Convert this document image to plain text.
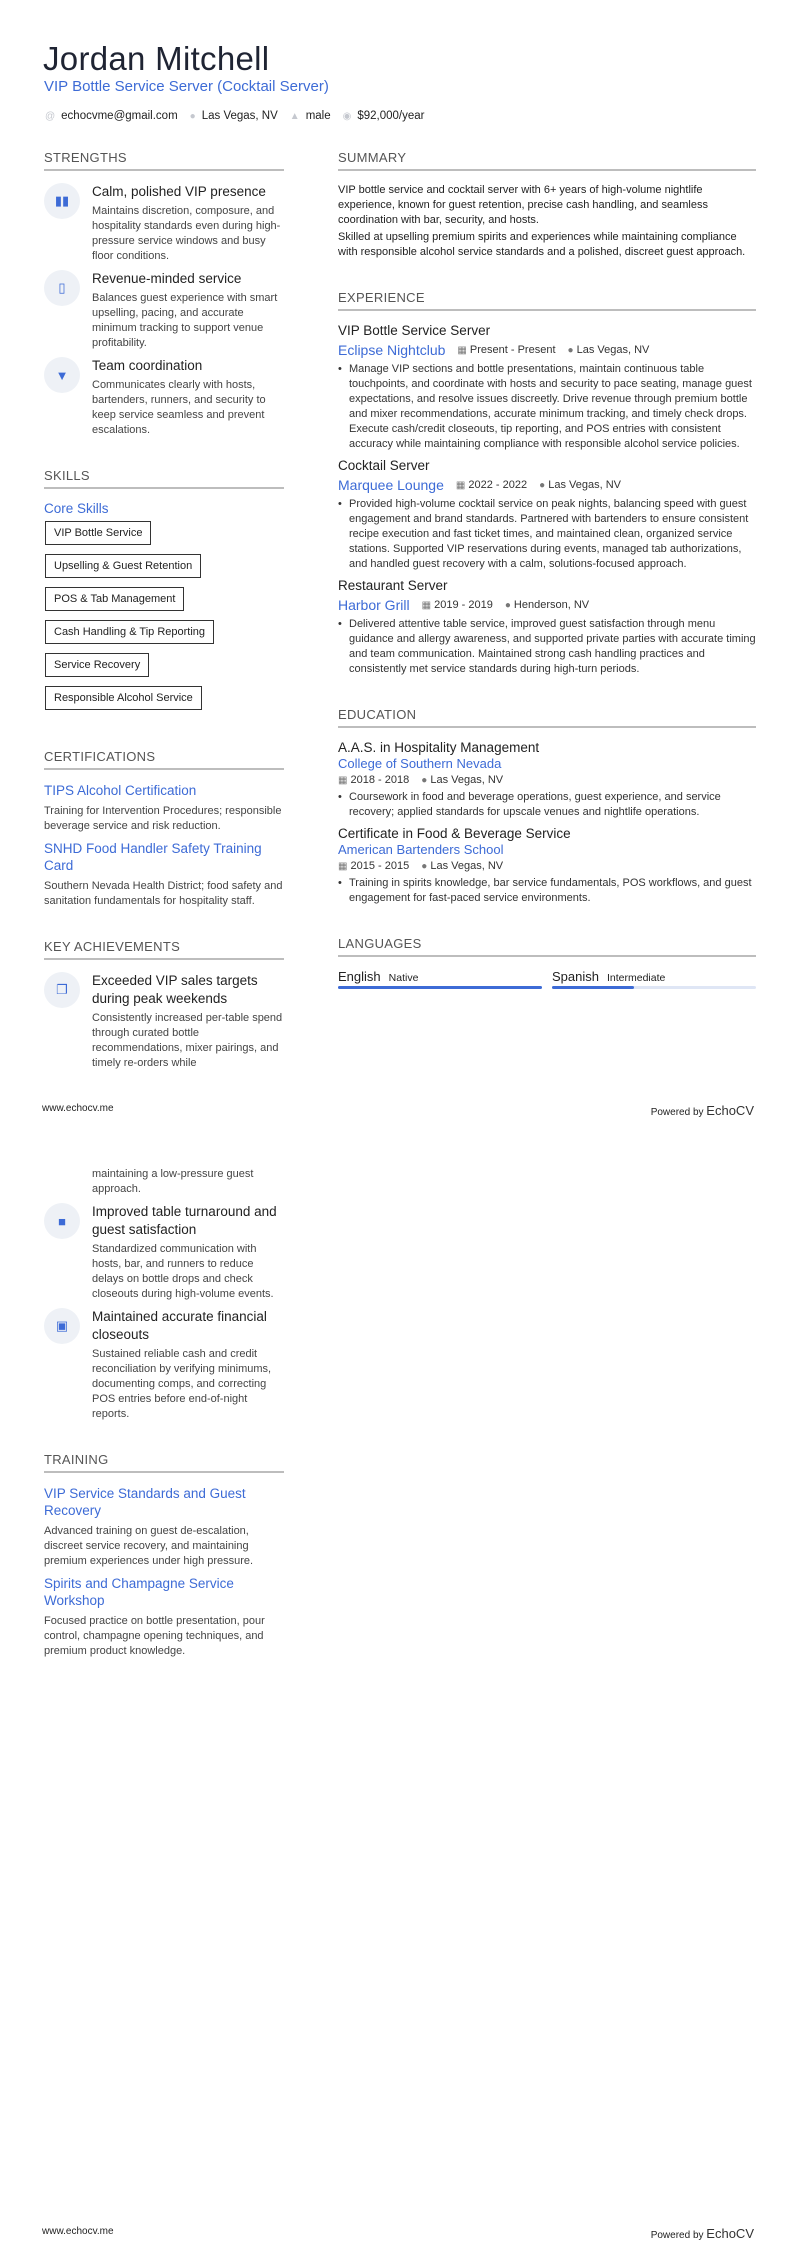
Jordan Mitchell
VIP Bottle Service Server (Cocktail Server)
@ echocvme@gmail.com ● Las Vegas, NV ▲ male ◉ $92,000/year
STRENGTHS
▮▮
Calm, polished VIP presence
Maintains discretion, composure, and hospitality standards even during high-pressure service windows and busy floor conditions.
▯
Revenue-minded service
Balances guest experience with smart upselling, pacing, and accurate minimum tracking to support venue profitability.
▼
Team coordination
Communicates clearly with hosts, bartenders, runners, and security to keep service seamless and prevent escalations.
SKILLS
Core Skills
VIP Bottle Service
Upselling & Guest Retention
POS & Tab Management
Cash Handling & Tip Reporting
Service Recovery
Responsible Alcohol Service
CERTIFICATIONS
TIPS Alcohol Certification
Training for Intervention Procedures; responsible beverage service and risk reduction.
SNHD Food Handler Safety Training Card
Southern Nevada Health District; food safety and sanitation fundamentals for hospitality staff.
KEY ACHIEVEMENTS
❐
Exceeded VIP sales targets during peak weekends
Consistently increased per-table spend through curated bottle recommendations, mixer pairings, and timely re-orders while
SUMMARY

VIP bottle service and cocktail server with 6+ years of high-volume nightlife experience, known for guest retention, precise cash handling, and seamless coordination with bar, security, and hosts.

Skilled at upselling premium spirits and experiences while maintaining compliance with responsible alcohol service standards and a polished, discreet guest approach.

EXPERIENCE
VIP Bottle Service Server
Eclipse Nightclub ▦ Present - Present ● Las Vegas, NV
• Manage VIP sections and bottle presentations, maintain continuous table touchpoints, and coordinate with hosts and security to pace seating, manage guest expectations, and resolve issues discreetly. Drive revenue through premium bottle and mixer recommendations, accurate minimum tracking, and timely check drops. Execute cash/credit closeouts, tip reporting, and POS entries with consistent accuracy while maintaining compliance with responsible alcohol service policies.
Cocktail Server
Marquee Lounge ▦ 2022 - 2022 ● Las Vegas, NV
• Provided high-volume cocktail service on peak nights, balancing speed with guest engagement and brand standards. Partnered with bartenders to ensure consistent recipe execution and fast ticket times, and maintained clean, organized service stations. Supported VIP reservations during events, managed tab authorizations, and handled guest recovery with a calm, solutions-focused approach.
Restaurant Server
Harbor Grill ▦ 2019 - 2019 ● Henderson, NV
• Delivered attentive table service, improved guest satisfaction through menu guidance and allergy awareness, and supported private parties with accurate timing and team communication. Maintained strong cash handling practices and consistently met service standards during high-turn periods.
EDUCATION
A.A.S. in Hospitality Management
College of Southern Nevada
▦ 2018 - 2018 ● Las Vegas, NV
• Coursework in food and beverage operations, guest experience, and service recovery; applied standards for upscale venues and nightlife operations.
Certificate in Food & Beverage Service
American Bartenders School
▦ 2015 - 2015 ● Las Vegas, NV
• Training in spirits knowledge, bar service fundamentals, POS workflows, and guest engagement for fast-paced service environments.
LANGUAGES
English Native	Spanish Intermediate
www.echocv.me	Powered by EchoCV
maintaining a low-pressure guest approach.
■
Improved table turnaround and guest satisfaction
Standardized communication with hosts, bar, and runners to reduce delays on bottle drops and check closeouts during high-volume events.
▣
Maintained accurate financial closeouts
Sustained reliable cash and credit reconciliation by verifying minimums, documenting comps, and correcting POS entries before end-of-night reports.
TRAINING
VIP Service Standards and Guest Recovery
Advanced training on guest de-escalation, discreet service recovery, and maintaining premium experiences under high pressure.
Spirits and Champagne Service Workshop
Focused practice on bottle presentation, pour control, champagne opening techniques, and premium product knowledge.
www.echocv.me	Powered by EchoCV
